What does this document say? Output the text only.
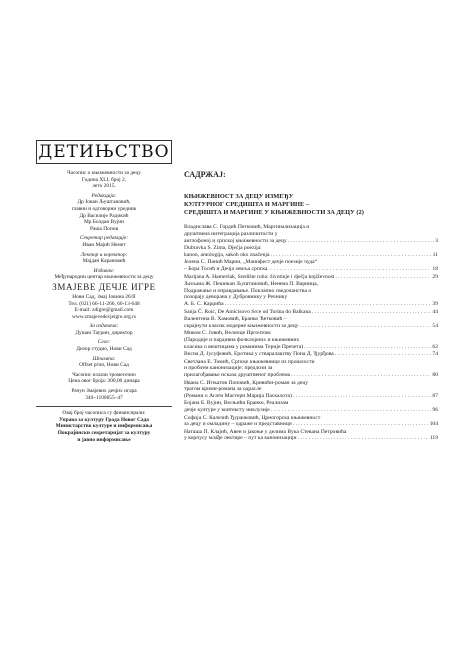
ДЕТИЊСТВО
Часопис о књижевности за децу
Година XLI, број 2,
лето 2015.
Редакција:
Др Јован Љуштановић,
главни и одговорни уредник
Др Василије Радикић
Мр Болдан Вујин
Раша Попов
Секретар редакције:
Иваи Мајић Немет
Лектор и коректор:
Мајдан Карановић
Издавач:
Међународни центар књижевности за децу
ЗМАЈЕВЕ ДЕЧЈЕ ИГРЕ
Нови Сад, Змај Јовина 26/II
Тел. (021) 66-11-266, 66-13-648
E-mail: zdigre@gmail.com
www.zmajevedecjeigre.org.rs
За издавача:
Душан Таурин, директор
Слог:
Дизор студио, Нови Сад
Штампа:
Offset print, Нови Сад
Часопис излази тромесечно
Цена овог броја: 300,00 динара
Рачун Змајевих дечјих игара
340–1100655–47
Овај број часописа су финансирали:
Управа за културу Града Новог Сада
Министарство културе и информисања
Покрајински секретаријат за културу
и јавно информисање
САДРЖАЈ:
КЊИЖЕВНОСТ ЗА ДЕЦУ ИЗМЕЂУ
КУЛТУРНОГ СРЕДИШТА И МАРГИНЕ –
СРЕДИШТА И МАРГИНЕ У КЊИЖЕВНОСТИ ЗА ДЕЦУ (2)
Владислава С. Гордић Петковић, Маргинализација и
друштвена интеграција различитости у
англофоној и српској књижевности за децу . . .	3
Dubravka S. Zima, Dječja poezija:
kanon, antologija, sakoh oko značenja . . .	11
Јелена С. Панић Марни, „Манифест дечје поезије чуда“
– Бора Тосић и Дечја земља српска . . .	18
Marijana A. Hameršak, Središte ruba: životinje i dječja književnost . . .	29
Љиљана Ж. Пешикан Љуштановић, Ненена П. Варница,
Подражање и оправдавање. Поклапно сведочанства о
позорају деворана у Дубровнику у Речнику
А. Б. С. Карџића . . .	39
Sanja Č. Roić, De Amicisovo Srce od Torina do Balkana . . .	44
Валентина В. Хамовић, Бранко Ћетковић –
скрајнути класик модерне књижевности за децу . . .	54
Миком С. Јовић, Величце Пргочтовс
(Пародије и пардивна фолклорних и књижевних
класика о вештицама у романима Терије Пречета) . . .	62
Весна Д. Јусуфовић, Еротика у стваралаштву Пона Д. Ђурђова . . .	74
Светлана Е. Томић, Српске књижевнице из прошлости
и проблем канонизације: предлози за
прилагођавање исказа друштвеног проблема . . .	80
Ивана С. Игњатов Поповић, Кривићи-роман за децу
трагом крими-романа за одрасле
(Романи о Агати Мастерн Марија Паскалота) . . .	87
Бојана Б. Вујин, Весњићи Бранко, Реализам
дечје културе у контексту инклузије . . .	96
Софија С. Калезић Ђурачковић, Црногорска књижевност
за децу и омладину – одраже и представници . . .	104
Наташа П. Клајић, Авен и јакоње у делима Вука Стевана Петровића
у корпусу млађе лектире – пут ка канонизацији . . .	119
